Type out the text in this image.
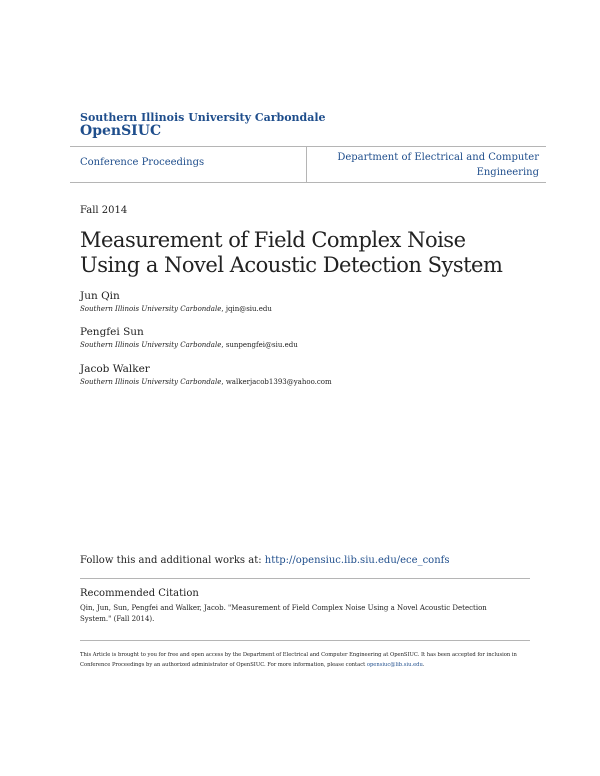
Southern Illinois University Carbondale
OpenSIUC
Conference Proceedings	Department of Electrical and Computer Engineering
Fall 2014
Measurement of Field Complex Noise Using a Novel Acoustic Detection System
Jun Qin
Southern Illinois University Carbondale, jqin@siu.edu
Pengfei Sun
Southern Illinois University Carbondale, sunpengfei@siu.edu
Jacob Walker
Southern Illinois University Carbondale, walkerjacob1393@yahoo.com
Follow this and additional works at: http://opensiuc.lib.siu.edu/ece_confs
Recommended Citation
Qin, Jun, Sun, Pengfei and Walker, Jacob. "Measurement of Field Complex Noise Using a Novel Acoustic Detection System." (Fall 2014).
This Article is brought to you for free and open access by the Department of Electrical and Computer Engineering at OpenSIUC. It has been accepted for inclusion in Conference Proceedings by an authorized administrator of OpenSIUC. For more information, please contact opensiuc@lib.siu.edu.
